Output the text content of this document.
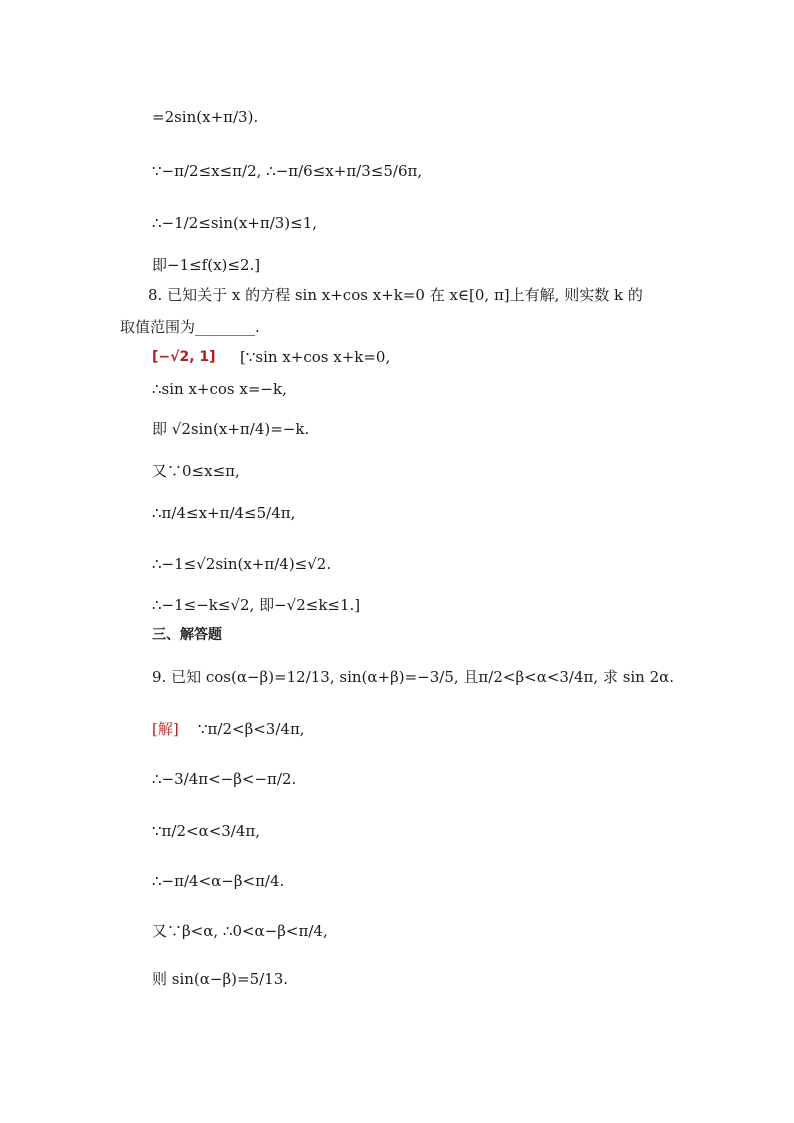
=2sin(x+π/3).
∵−π/2≤x≤π/2, ∴−π/6≤x+π/3≤5/6π,
∴−1/2≤sin(x+π/3)≤1,
即−1≤f(x)≤2.]
8. 已知关于 x 的方程 sin x+cos x+k=0 在 x∈[0, π]上有解, 则实数 k 的
取值范围为________.
[−√2, 1] [∵sin x+cos x+k=0,
∴sin x+cos x=−k,
即 √2sin(x+π/4)=−k.
又∵0≤x≤π,
∴π/4≤x+π/4≤5/4π,
∴−1≤√2sin(x+π/4)≤√2.
∴−1≤−k≤√2, 即−√2≤k≤1.]
三、解答题
9. 已知 cos(α−β)=12/13, sin(α+β)=−3/5, 且π/2<β<α<3/4π, 求 sin 2α.
[解] ∵π/2<β<3/4π,
∴−3/4π<−β<−π/2.
∵π/2<α<3/4π,
∴−π/4<α−β<π/4.
又∵β<α, ∴0<α−β<π/4,
则 sin(α−β)=5/13.
